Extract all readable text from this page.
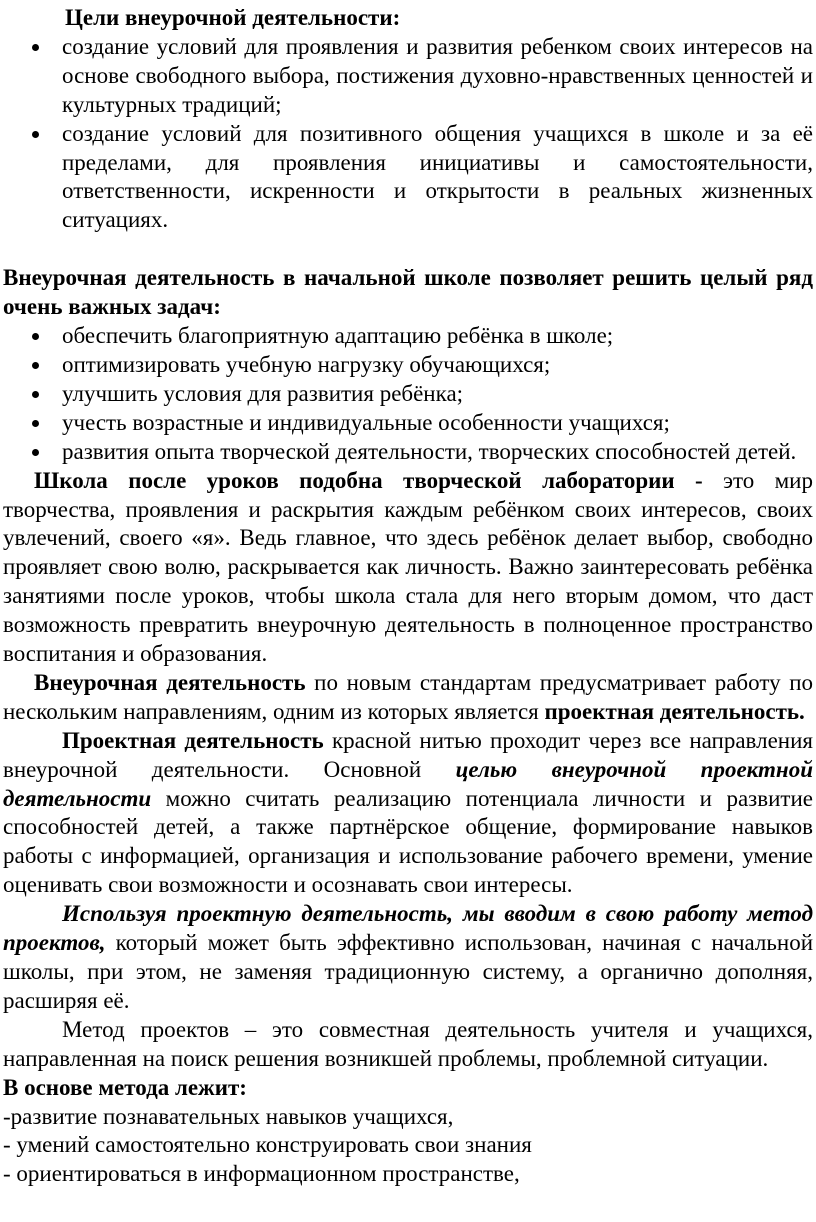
Цели внеурочной деятельности:
создание условий для проявления и развития ребенком своих интересов на основе свободного выбора, постижения духовно-нравственных ценностей и культурных традиций;
создание условий для позитивного общения учащихся в школе и за её пределами, для проявления инициативы и самостоятельности, ответственности, искренности и открытости в реальных жизненных ситуациях.

Внеурочная деятельность в начальной школе позволяет решить целый ряд очень важных задач:

обеспечить благоприятную адаптацию ребёнка в школе;
оптимизировать учебную нагрузку обучающихся;
улучшить условия для развития ребёнка;
учесть возрастные и индивидуальные особенности учащихся;
развития опыта творческой деятельности, творческих способностей детей.

Школа после уроков подобна творческой лаборатории - это мир творчества, проявления и раскрытия каждым ребёнком своих интересов, своих увлечений, своего «я». Ведь главное, что здесь ребёнок делает выбор, свободно проявляет свою волю, раскрывается как личность. Важно заинтересовать ребёнка занятиями после уроков, чтобы школа стала для него вторым домом, что даст возможность превратить внеурочную деятельность в полноценное пространство воспитания и образования.

Внеурочная деятельность по новым стандартам предусматривает работу по нескольким направлениям, одним из которых является проектная деятельность.

Проектная деятельность красной нитью проходит через все направления внеурочной деятельности. Основной целью внеурочной проектной деятельности можно считать реализацию потенциала личности и развитие способностей детей, а также партнёрское общение, формирование навыков работы с информацией, организация и использование рабочего времени, умение оценивать свои возможности и осознавать свои интересы.

Используя проектную деятельность, мы вводим в свою работу метод проектов, который может быть эффективно использован, начиная с начальной школы, при этом, не заменяя традиционную систему, а органично дополняя, расширяя её.

Метод проектов – это совместная деятельность учителя и учащихся, направленная на поиск решения возникшей проблемы, проблемной ситуации.

В основе метода лежит:

-развитие познавательных навыков учащихся,

- умений самостоятельно конструировать свои знания

- ориентироваться в информационном пространстве,
